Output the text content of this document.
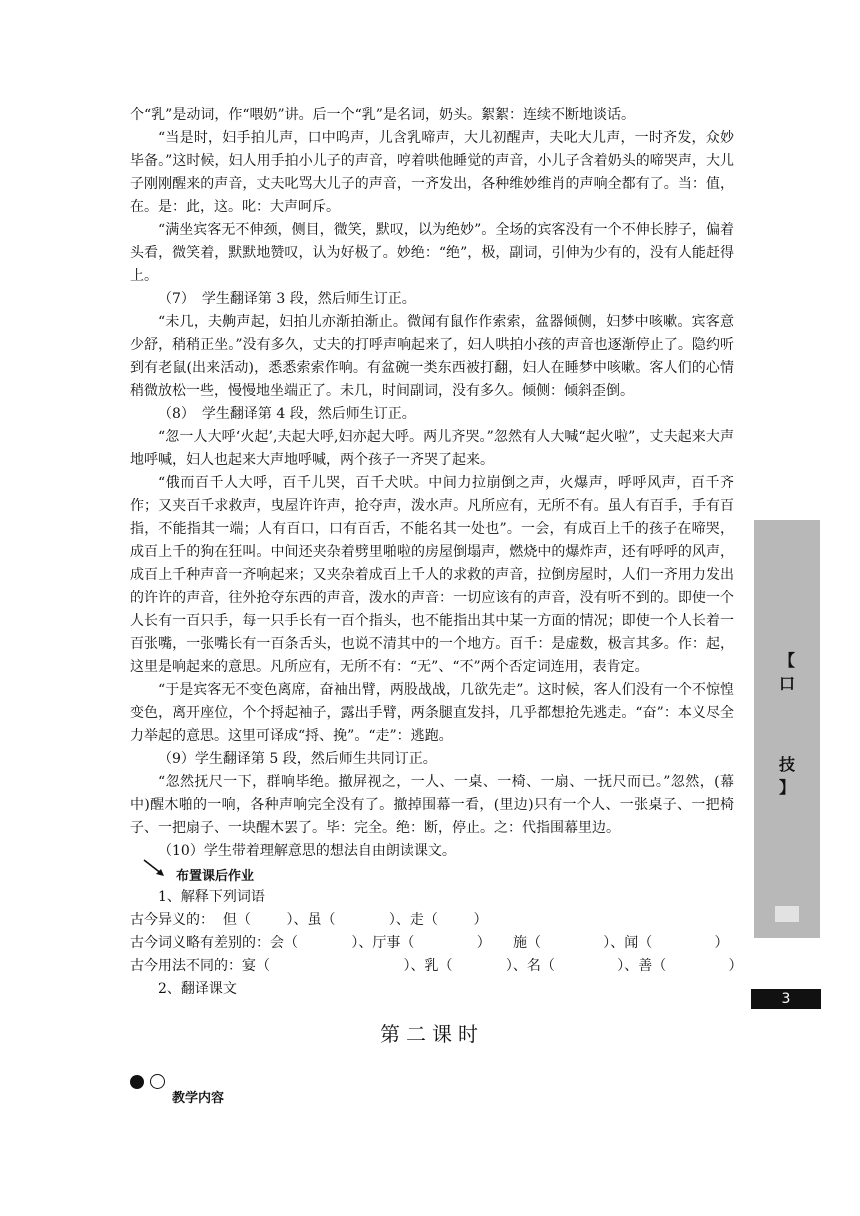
个“乳”是动词，作“喂奶”讲。后一个“乳”是名词，奶头。絮絮：连续不断地谈话。

“当是时，妇手拍儿声，口中呜声，儿含乳啼声，大儿初醒声，夫叱大儿声，一时齐发，众妙毕备。”这时候，妇人用手拍小儿子的声音，哼着哄他睡觉的声音，小儿子含着奶头的啼哭声，大儿子刚刚醒来的声音，丈夫叱骂大儿子的声音，一齐发出，各种维妙维肖的声响全都有了。当：值，在。是：此，这。叱：大声呵斥。

“满坐宾客无不伸颈，侧目，微笑，默叹，以为绝妙”。全场的宾客没有一个不伸长脖子，偏着头看，微笑着，默默地赞叹，认为好极了。妙绝：“绝”，极，副词，引伸为少有的，没有人能赶得上。

（7）　学生翻译第 3 段，然后师生订正。

“未几，夫齁声起，妇拍儿亦渐拍渐止。微闻有鼠作作索索，盆器倾侧，妇梦中咳嗽。宾客意少舒，稍稍正坐。”没有多久，丈夫的打呼声响起来了，妇人哄拍小孩的声音也逐渐停止了。隐约听到有老鼠(出来活动)，悉悉索索作响。有盆碗一类东西被打翻，妇人在睡梦中咳嗽。客人们的心情稍微放松一些，慢慢地坐端正了。未几，时间副词，没有多久。倾侧：倾斜歪倒。

（8）　学生翻译第 4 段，然后师生订正。

“忽一人大呼‘火起’,夫起大呼,妇亦起大呼。两儿齐哭。”忽然有人大喊“起火啦”，丈夫起来大声地呼喊，妇人也起来大声地呼喊，两个孩子一齐哭了起来。

“俄而百千人大呼，百千儿哭，百千犬吠。中间力拉崩倒之声，火爆声，呼呼风声，百千齐作；又夹百千求救声，曳屋许许声，抢夺声，泼水声。凡所应有，无所不有。虽人有百手，手有百指，不能指其一端；人有百口，口有百舌，不能名其一处也”。一会，有成百上千的孩子在啼哭，成百上千的狗在狂叫。中间还夹杂着劈里啪啦的房屋倒塌声，燃烧中的爆炸声，还有呼呼的风声，成百上千种声音一齐响起来；又夹杂着成百上千人的求救的声音，拉倒房屋时，人们一齐用力发出的许许的声音，往外抢夺东西的声音，泼水的声音：一切应该有的声音，没有听不到的。即使一个人长有一百只手，每一只手长有一百个指头，也不能指出其中某一方面的情况；即使一个人长着一百张嘴，一张嘴长有一百条舌头，也说不清其中的一个地方。百千：是虚数，极言其多。作：起，这里是响起来的意思。凡所应有，无所不有：“无”、“不”两个否定词连用，表肯定。

“于是宾客无不变色离席，奋袖出臂，两股战战，几欲先走”。这时候，客人们没有一个不惊惶变色，离开座位，个个捋起袖子，露出手臂，两条腿直发抖，几乎都想抢先逃走。“奋”：本义尽全力举起的意思。这里可译成“捋、挽”。“走”：逃跑。

（9）学生翻译第 5 段，然后师生共同订正。

“忽然抚尺一下，群响毕绝。撤屏视之，一人、一桌、一椅、一扇、一抚尺而已。”忽然，(幕中)醒木啪的一响，各种声响完全没有了。撤掉围幕一看，(里边)只有一个人、一张桌子、一把椅子、一把扇子、一块醒木罢了。毕：完全。绝：断，停止。之：代指围幕里边。

（10）学生带着理解意思的想法自由朗读课文。

布置课后作业

1、解释下列词语

古今异义的：  但（        ）、虽（            ）、走（        ）
古今词义略有差别的：会（            ）、厅事（              ）     施（              ）、闻（              ）
古今用法不同的：宴（                              ）、乳（            ）、名（              ）、善（              ）

2、翻译课文

第二课时
教学内容
【
口
技
】
3
